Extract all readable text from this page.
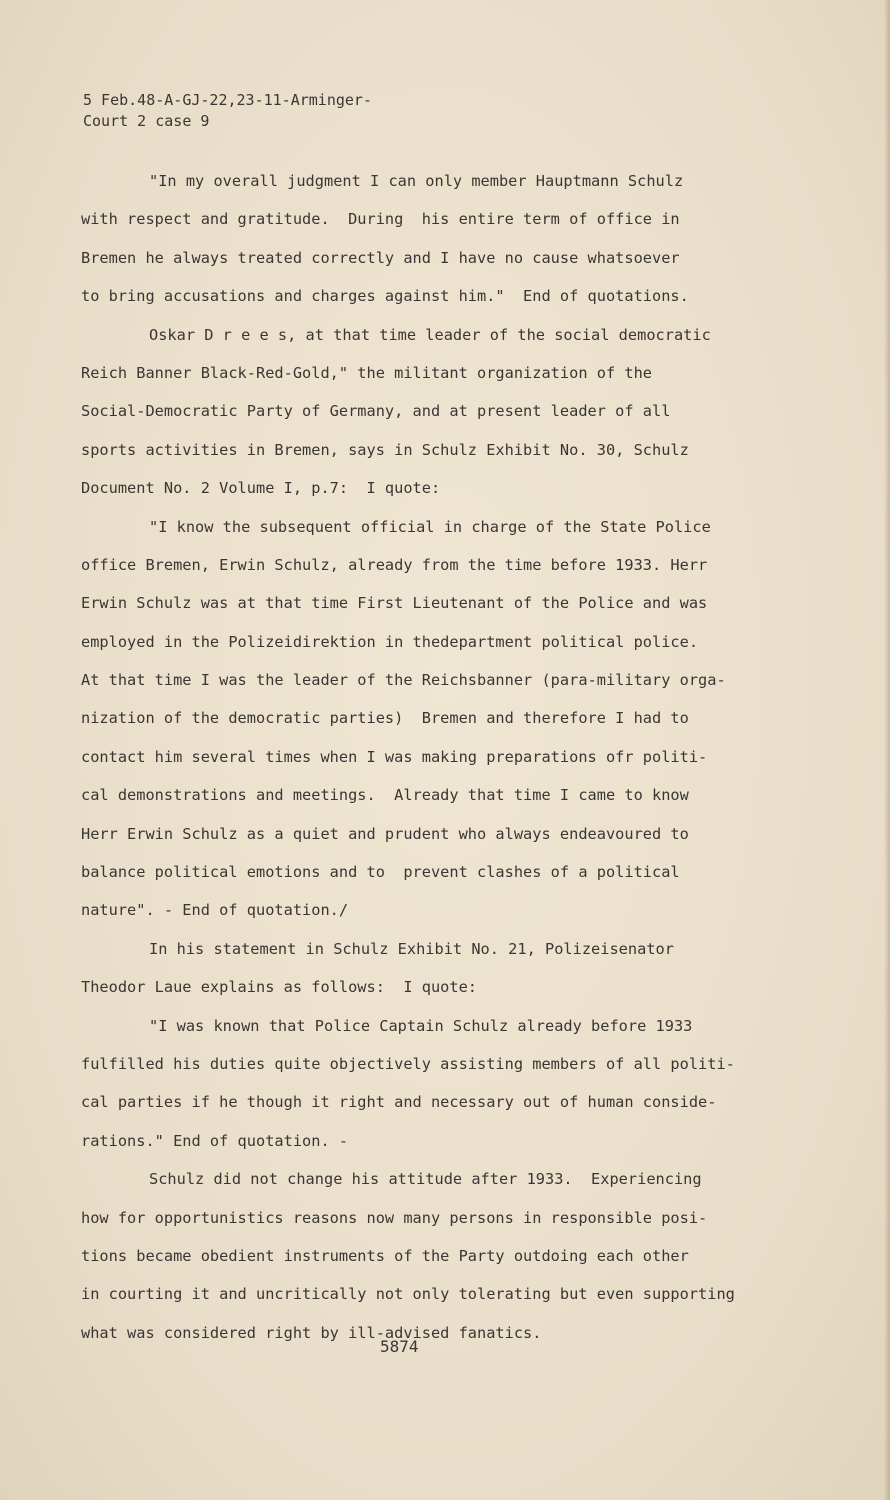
5 Feb.48-A-GJ-22,23-11-Arminger-
Court 2 case 9
"In my overall judgment I can only member Hauptmann Schulz
with respect and gratitude.  During  his entire term of office in
Bremen he always treated correctly and I have no cause whatsoever
to bring accusations and charges against him."  End of quotations.
Oskar D r e e s, at that time leader of the social democratic
Reich Banner Black-Red-Gold," the militant organization of the
Social-Democratic Party of Germany, and at present leader of all
sports activities in Bremen, says in Schulz Exhibit No. 30, Schulz
Document No. 2 Volume I, p.7:  I quote:
"I know the subsequent official in charge of the State Police
office Bremen, Erwin Schulz, already from the time before 1933. Herr
Erwin Schulz was at that time First Lieutenant of the Police and was
employed in the Polizeidirektion in thedepartment political police.
At that time I was the leader of the Reichsbanner (para-military orga-
nization of the democratic parties)  Bremen and therefore I had to
contact him several times when I was making preparations ofr politi-
cal demonstrations and meetings.  Already that time I came to know
Herr Erwin Schulz as a quiet and prudent who always endeavoured to
balance political emotions and to  prevent clashes of a political
nature". - End of quotation./
In his statement in Schulz Exhibit No. 21, Polizeisenator
Theodor Laue explains as follows:  I quote:
"I was known that Police Captain Schulz already before 1933
fulfilled his duties quite objectively assisting members of all politi-
cal parties if he though it right and necessary out of human conside-
rations." End of quotation. -
Schulz did not change his attitude after 1933.  Experiencing
how for opportunistics reasons now many persons in responsible posi-
tions became obedient instruments of the Party outdoing each other
in courting it and uncritically not only tolerating but even supporting
what was considered right by ill-advised fanatics.
5874
